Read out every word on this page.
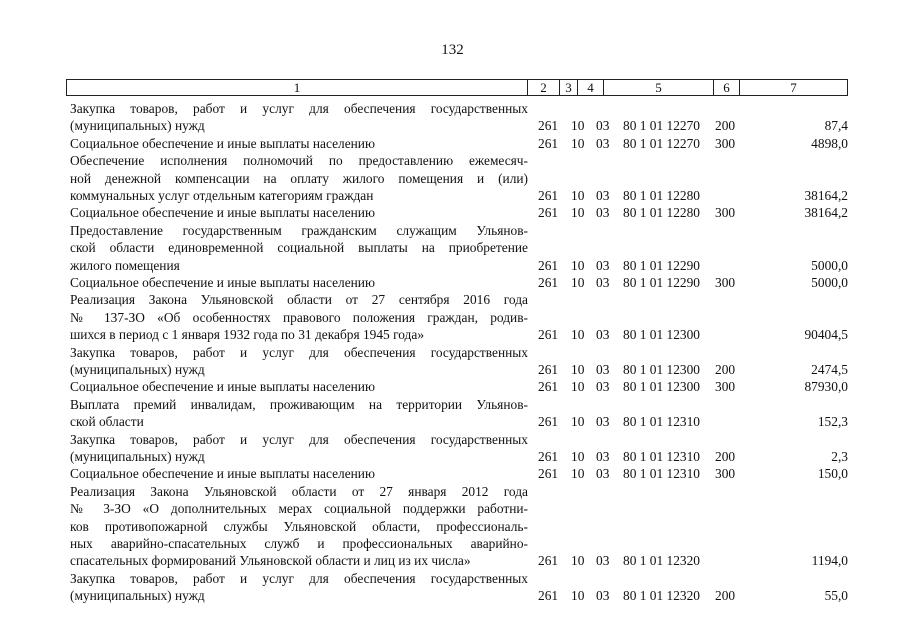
132
1	2	3	4	5	6	7
Закупка товаров, работ и услуг для обеспечения государственных
(муниципальных) нужд	261 10 03 80 1 01 12270 200	87,4
Социальное обеспечение и иные выплаты населению	261 10 03 80 1 01 12270 300	4898,0
Обеспечение исполнения полномочий по предоставлению ежемесяч-
ной денежной компенсации на оплату жилого помещения и (или)
коммунальных услуг отдельным категориям граждан	261 10 03 80 1 01 12280	38164,2
Социальное обеспечение и иные выплаты населению	261 10 03 80 1 01 12280 300	38164,2
Предоставление государственным гражданским служащим Ульянов-
ской области единовременной социальной выплаты на приобретение
жилого помещения	261 10 03 80 1 01 12290	5000,0
Социальное обеспечение и иные выплаты населению	261 10 03 80 1 01 12290 300	5000,0
Реализация Закона Ульяновской области от 27 сентября 2016 года
№ 137-ЗО «Об особенностях правового положения граждан, родив-
шихся в период с 1 января 1932 года по 31 декабря 1945 года»	261 10 03 80 1 01 12300	90404,5
Закупка товаров, работ и услуг для обеспечения государственных
(муниципальных) нужд	261 10 03 80 1 01 12300 200	2474,5
Социальное обеспечение и иные выплаты населению	261 10 03 80 1 01 12300 300	87930,0
Выплата премий инвалидам, проживающим на территории Ульянов-
ской области	261 10 03 80 1 01 12310	152,3
Закупка товаров, работ и услуг для обеспечения государственных
(муниципальных) нужд	261 10 03 80 1 01 12310 200	2,3
Социальное обеспечение и иные выплаты населению	261 10 03 80 1 01 12310 300	150,0
Реализация Закона Ульяновской области от 27 января 2012 года
№ 3-ЗО «О дополнительных мерах социальной поддержки работни-
ков противопожарной службы Ульяновской области, профессиональ-
ных аварийно-спасательных служб и профессиональных аварийно-
спасательных формирований Ульяновской области и лиц из их числа»	261 10 03 80 1 01 12320	1194,0
Закупка товаров, работ и услуг для обеспечения государственных
(муниципальных) нужд	261 10 03 80 1 01 12320 200	55,0
